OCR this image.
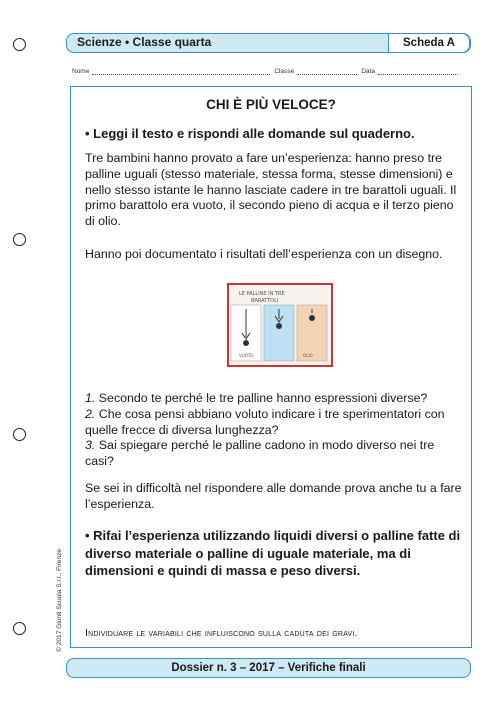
Scienze • Classe quarta	Scheda A
Nome	Classe	Data
CHI È PIÙ VELOCE?
• Leggi il testo e rispondi alle domande sul quaderno.
Tre bambini hanno provato a fare un’esperienza: hanno preso tre palline uguali (stesso materiale, stessa forma, stesse dimensioni) e nello stesso istante le hanno lasciate cadere in tre barattoli uguali. Il primo barattolo era vuoto, il secondo pieno di acqua e il terzo pieno di olio.
Hanno poi documentato i risultati dell’esperienza con un disegno.
LE PALLINE IN TRE
BARATTOLI
VUOTO	OLIO
1. Secondo te perché le tre palline hanno espressioni diverse?
2. Che cosa pensi abbiano voluto indicare i tre sperimentatori con quelle frecce di diversa lunghezza?
3. Sai spiegare perché le palline cadono in modo diverso nei tre casi?
Se sei in difficoltà nel rispondere alle domande prova anche tu a fare l’esperienza.
• Rifai l’esperienza utilizzando liquidi diversi o palline fatte di diverso materiale o palline di uguale materiale, ma di dimensioni e quindi di massa e peso diversi.
Individuare le variabili che influiscono sulla caduta dei gravi.
© 2017 Giunti Scuola S.r.l., Firenze
Dossier n. 3 – 2017 – Verifiche finali
